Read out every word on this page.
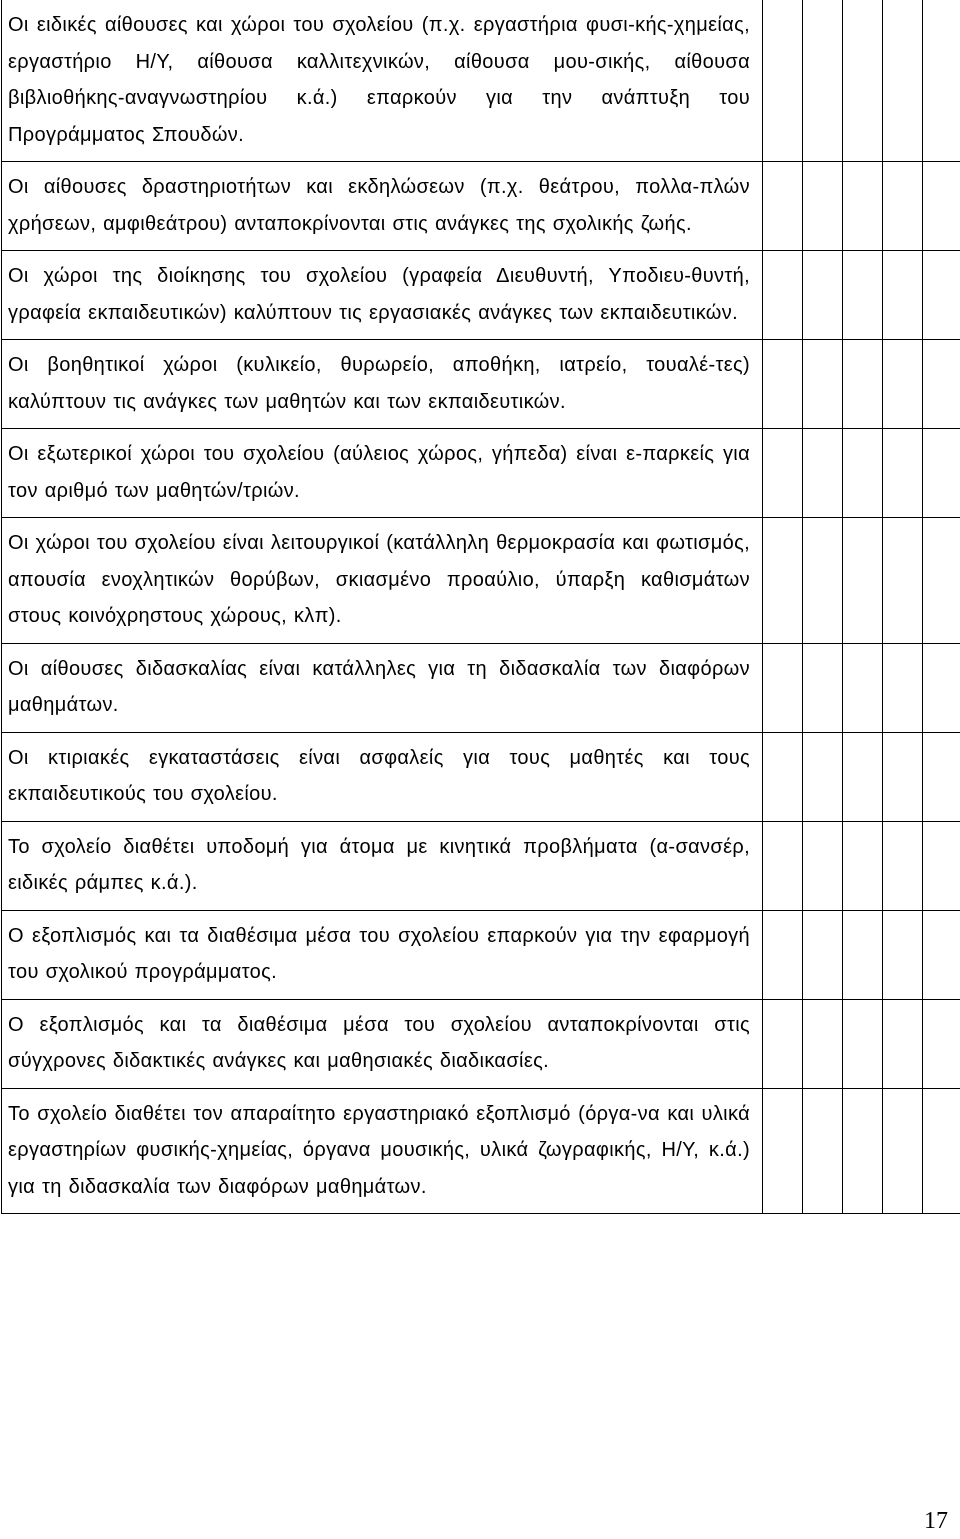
Οι ειδικές αίθουσες και χώροι του σχολείου (π.χ. εργαστήρια φυσι-κής-χημείας, εργαστήριο Η/Υ, αίθουσα καλλιτεχνικών, αίθουσα μου-σικής, αίθουσα βιβλιοθήκης-αναγνωστηρίου κ.ά.) επαρκούν για την ανάπτυξη του Προγράμματος Σπουδών.					

Οι αίθουσες δραστηριοτήτων και εκδηλώσεων (π.χ. θεάτρου, πολλα-πλών χρήσεων, αμφιθεάτρου) ανταποκρίνονται στις ανάγκες της σχολικής ζωής.					

Οι χώροι της διοίκησης του σχολείου (γραφεία Διευθυντή, Υποδιευ-θυντή, γραφεία εκπαιδευτικών) καλύπτουν τις εργασιακές ανάγκες των εκπαιδευτικών.					

Οι βοηθητικοί χώροι (κυλικείο, θυρωρείο, αποθήκη, ιατρείο, τουαλέ-τες) καλύπτουν τις ανάγκες των μαθητών και των εκπαιδευτικών.					

Οι εξωτερικοί χώροι του σχολείου (αύλειος χώρος, γήπεδα) είναι ε-παρκείς για τον αριθμό των μαθητών/τριών.					

Οι χώροι του σχολείου είναι λειτουργικοί (κατάλληλη θερμοκρασία και φωτισμός, απουσία ενοχλητικών θορύβων, σκιασμένο προαύλιο, ύπαρξη καθισμάτων στους κοινόχρηστους χώρους, κλπ).					

Οι αίθουσες διδασκαλίας είναι κατάλληλες για τη διδασκαλία των διαφόρων μαθημάτων.					

Οι κτιριακές εγκαταστάσεις είναι ασφαλείς για τους μαθητές και τους εκπαιδευτικούς του σχολείου.					

Το σχολείο διαθέτει υποδομή για άτομα με κινητικά προβλήματα (α-σανσέρ, ειδικές ράμπες κ.ά.).					

Ο εξοπλισμός και τα διαθέσιμα μέσα του σχολείου επαρκούν για την εφαρμογή του σχολικού προγράμματος.					

Ο εξοπλισμός και τα διαθέσιμα μέσα του σχολείου ανταποκρίνονται στις σύγχρονες διδακτικές ανάγκες και μαθησιακές διαδικασίες.					

Το σχολείο διαθέτει τον απαραίτητο εργαστηριακό εξοπλισμό (όργα-να και υλικά εργαστηρίων φυσικής-χημείας, όργανα μουσικής, υλικά ζωγραφικής, Η/Υ, κ.ά.) για τη διδασκαλία των διαφόρων μαθημάτων.					

17
